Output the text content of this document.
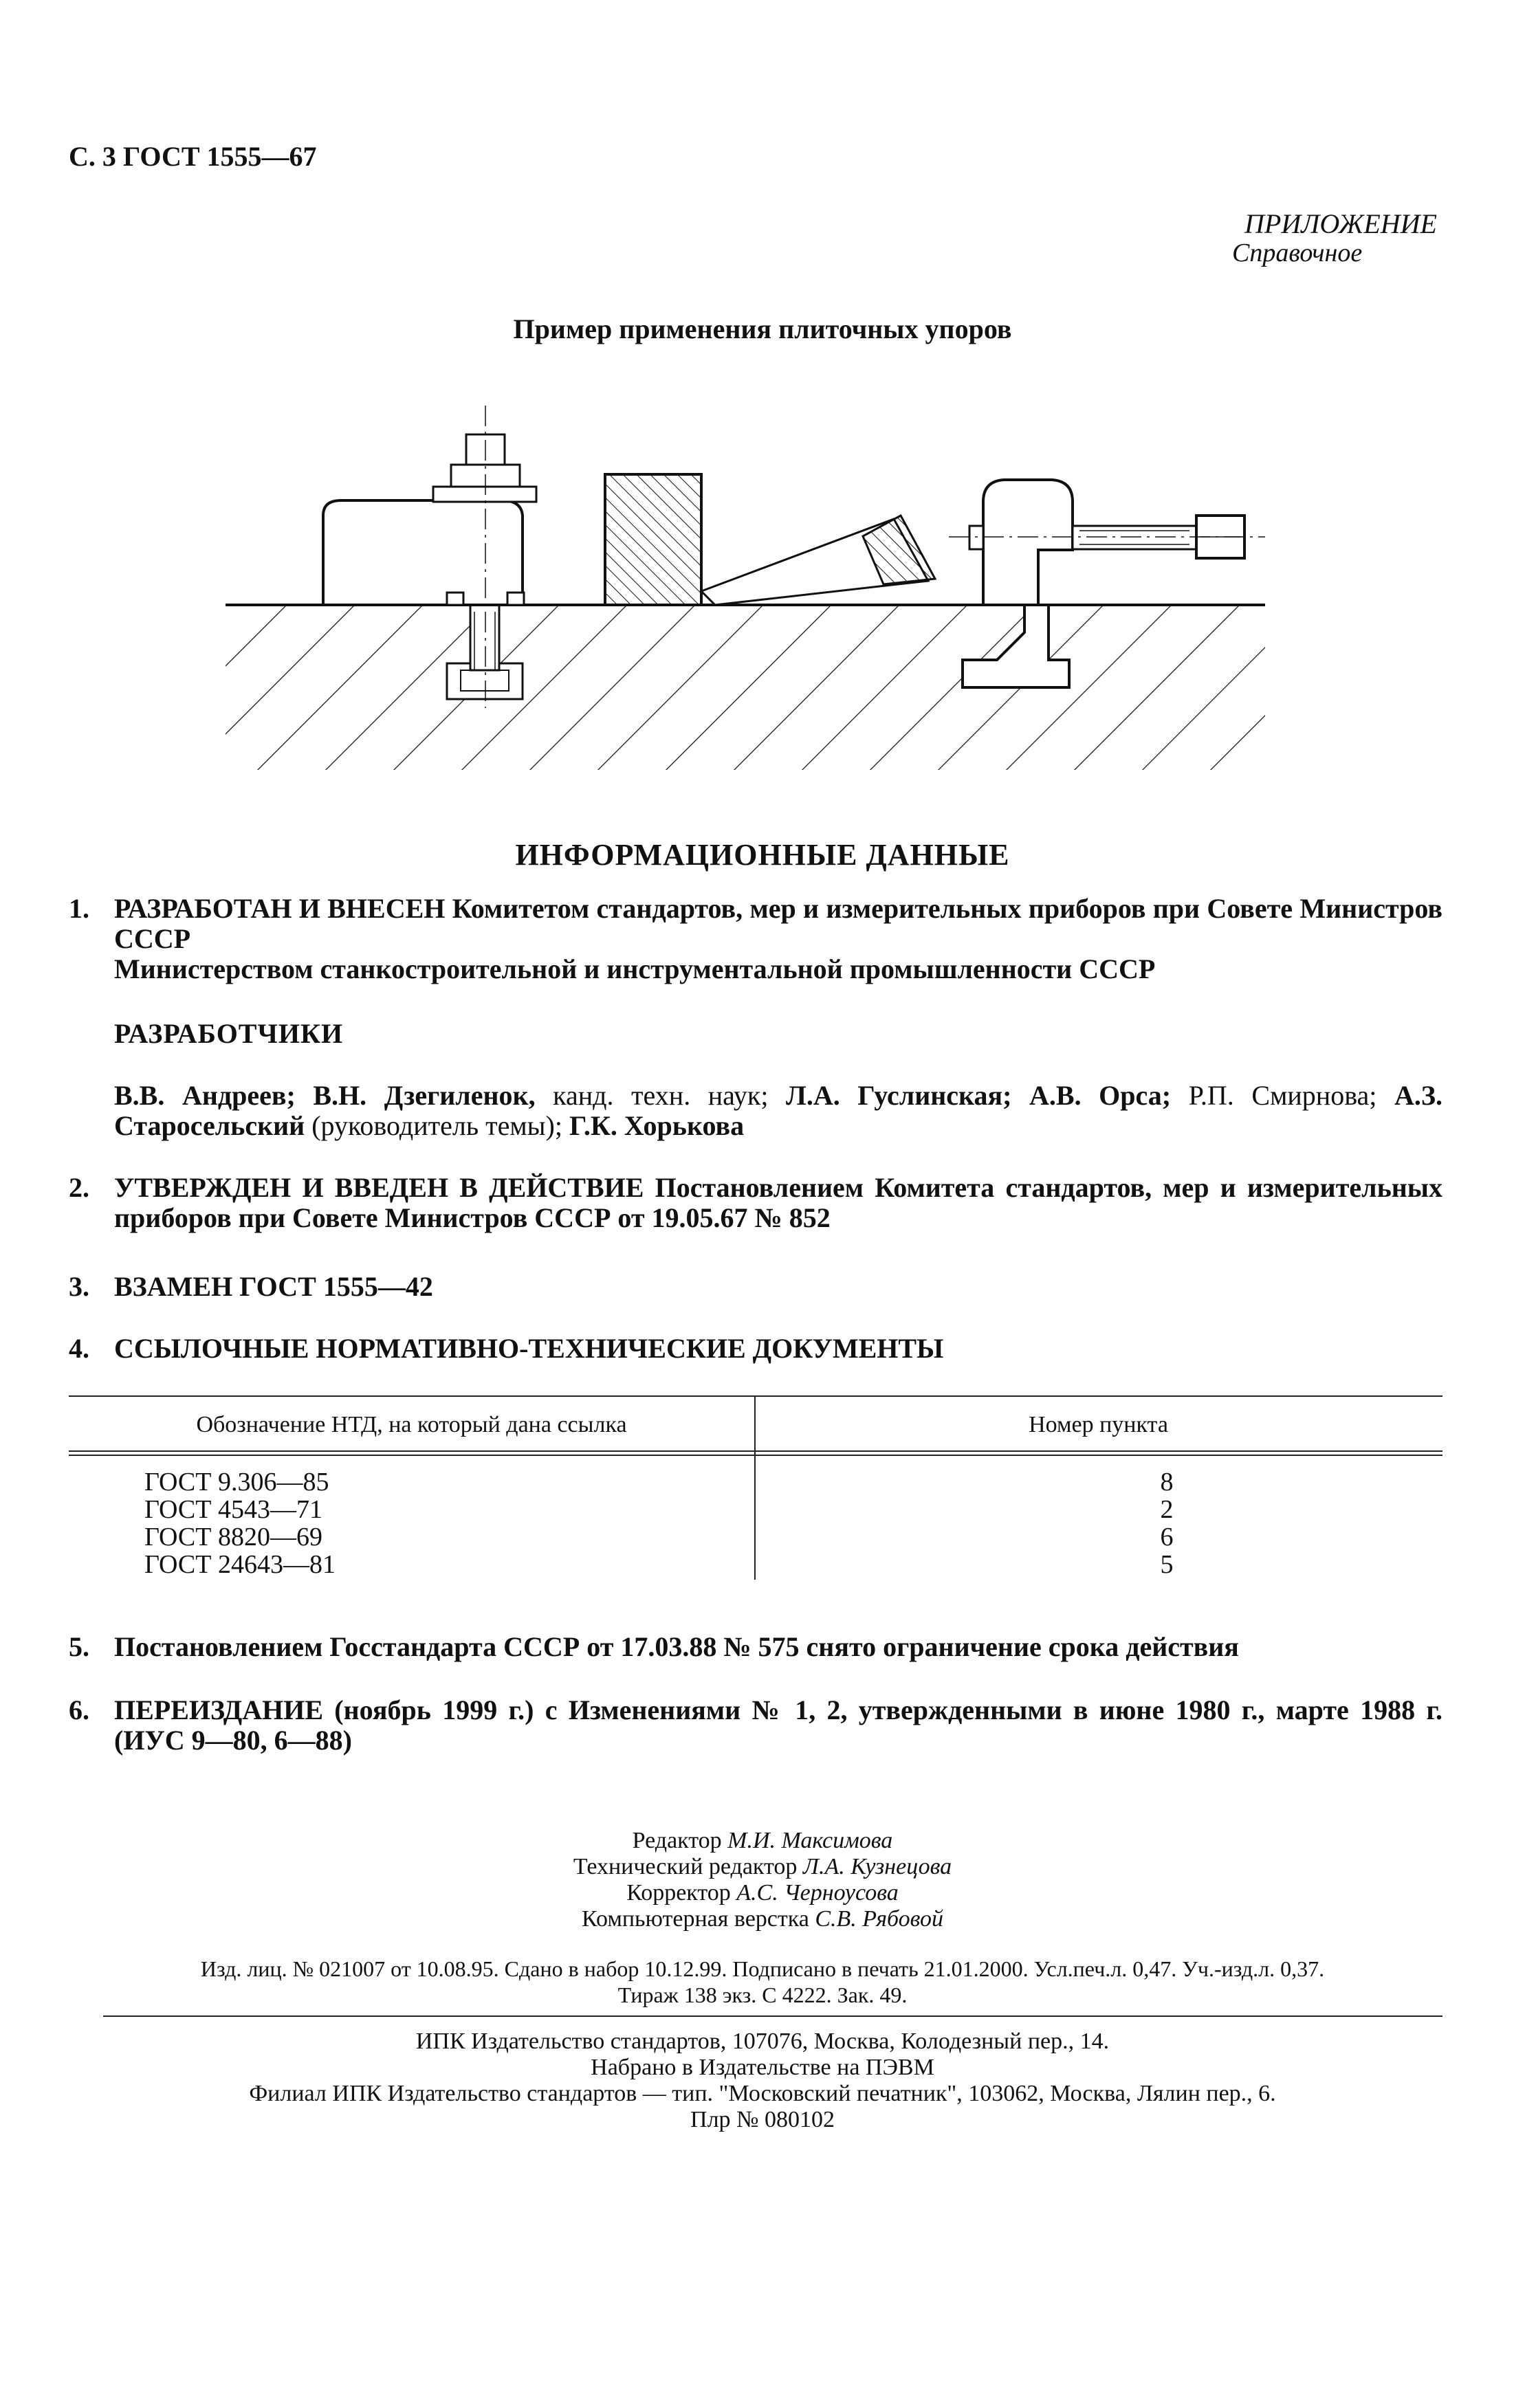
С. 3 ГОСТ 1555—67
ПРИЛОЖЕНИЕ
Справочное
Пример применения плиточных упоров
ИНФОРМАЦИОННЫЕ ДАННЫЕ
1. РАЗРАБОТАН И ВНЕСЕН Комитетом стандартов, мер и измерительных приборов при Совете Министров СССР
Министерством станкостроительной и инструментальной промышленности СССР
РАЗРАБОТЧИКИ
В.В. Андреев; В.Н. Дзегиленок, канд. техн. наук; Л.А. Гуслинская; А.В. Орса; Р.П. Смирнова; А.З. Старосельский (руководитель темы); Г.К. Хорькова
2. УТВЕРЖДЕН И ВВЕДЕН В ДЕЙСТВИЕ Постановлением Комитета стандартов, мер и измерительных приборов при Совете Министров СССР от 19.05.67 № 852
3. ВЗАМЕН ГОСТ 1555—42
4. ССЫЛОЧНЫЕ НОРМАТИВНО-ТЕХНИЧЕСКИЕ ДОКУМЕНТЫ
Обозначение НТД, на который дана ссылка	Номер пункта
ГОСТ 9.306—85	8
ГОСТ 4543—71	2
ГОСТ 8820—69	6
ГОСТ 24643—81	5
5. Постановлением Госстандарта СССР от 17.03.88 № 575 снято ограничение срока действия
6. ПЕРЕИЗДАНИЕ (ноябрь 1999 г.) с Изменениями № 1, 2, утвержденными в июне 1980 г., марте 1988 г. (ИУС 9—80, 6—88)
Редактор М.И. Максимова
Технический редактор Л.А. Кузнецова
Корректор А.С. Черноусова
Компьютерная верстка С.В. Рябовой
Изд. лиц. № 021007 от 10.08.95. Сдано в набор 10.12.99. Подписано в печать 21.01.2000. Усл.печ.л. 0,47. Уч.-изд.л. 0,37.
Тираж 138 экз. С 4222. Зак. 49.
ИПК Издательство стандартов, 107076, Москва, Колодезный пер., 14.
Набрано в Издательстве на ПЭВМ
Филиал ИПК Издательство стандартов — тип. "Московский печатник", 103062, Москва, Лялин пер., 6.
Плр № 080102
